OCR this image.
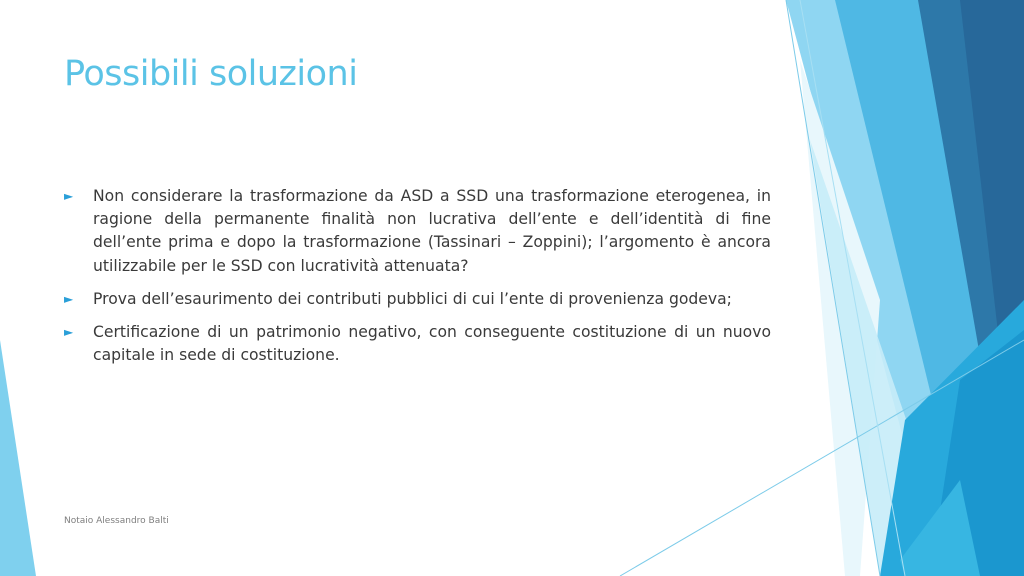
Possibili soluzioni
►	Non considerare la trasformazione da ASD a SSD una trasformazione eterogenea, in ragione della permanente finalità non lucrativa dell’ente e dell’identità di fine dell’ente prima e dopo la trasformazione (Tassinari – Zoppini); l’argomento è ancora utilizzabile per le SSD con lucratività attenuata?
►	Prova dell’esaurimento dei contributi pubblici di cui l’ente di provenienza godeva;
►	Certificazione di un patrimonio negativo, con conseguente costituzione di un nuovo capitale in sede di costituzione.
Notaio Alessandro Balti
